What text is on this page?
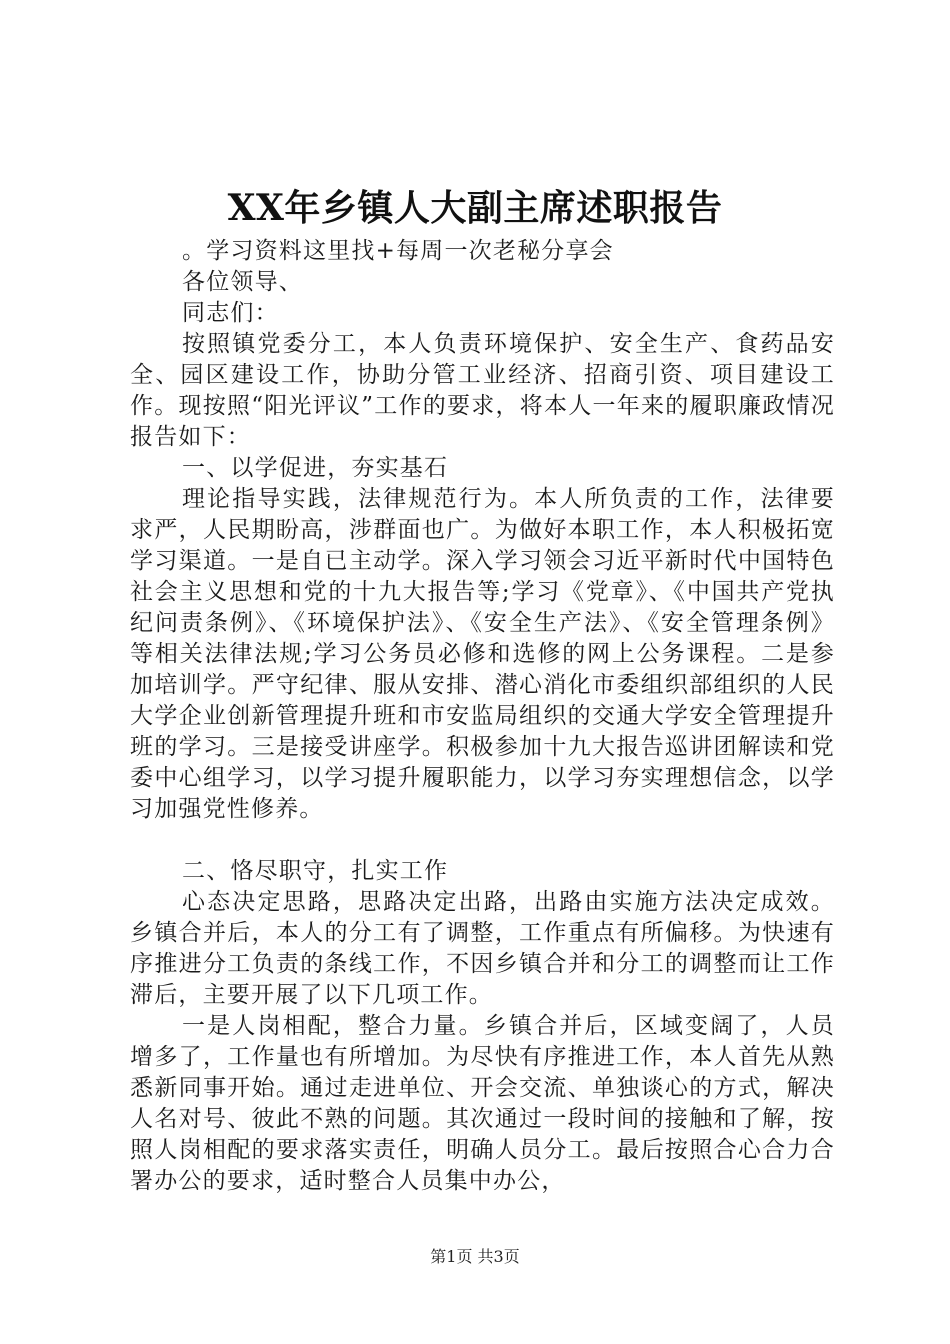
XX年乡镇人大副主席述职报告

。学习资料这里找+每周一次老秘分享会

各位领导、

同志们：

按照镇党委分工，本人负责环境保护、安全生产、食药品安全、园区建设工作，协助分管工业经济、招商引资、项目建设工作。现按照“阳光评议”工作的要求，将本人一年来的履职廉政情况报告如下：

一、以学促进，夯实基石

理论指导实践，法律规范行为。本人所负责的工作，法律要求严，人民期盼高，涉群面也广。为做好本职工作，本人积极拓宽学习渠道。一是自已主动学。深入学习领会习近平新时代中国特色社会主义思想和党的十九大报告等;学习《党章》、《中国共产党执纪问责条例》、《环境保护法》、《安全生产法》、《安全管理条例》等相关法律法规;学习公务员必修和选修的网上公务课程。二是参加培训学。严守纪律、服从安排、潜心消化市委组织部组织的人民大学企业创新管理提升班和市安监局组织的交通大学安全管理提升班的学习。三是接受讲座学。积极参加十九大报告巡讲团解读和党委中心组学习，以学习提升履职能力，以学习夯实理想信念，以学习加强党性修养。

二、恪尽职守，扎实工作

心态决定思路，思路决定出路，出路由实施方法决定成效。乡镇合并后，本人的分工有了调整，工作重点有所偏移。为快速有序推进分工负责的条线工作，不因乡镇合并和分工的调整而让工作滞后，主要开展了以下几项工作。

一是人岗相配，整合力量。乡镇合并后，区域变阔了，人员增多了，工作量也有所增加。为尽快有序推进工作，本人首先从熟悉新同事开始。通过走进单位、开会交流、单独谈心的方式，解决人名对号、彼此不熟的问题。其次通过一段时间的接触和了解，按照人岗相配的要求落实责任，明确人员分工。最后按照合心合力合署办公的要求，适时整合人员集中办公，

第1页 共3页
